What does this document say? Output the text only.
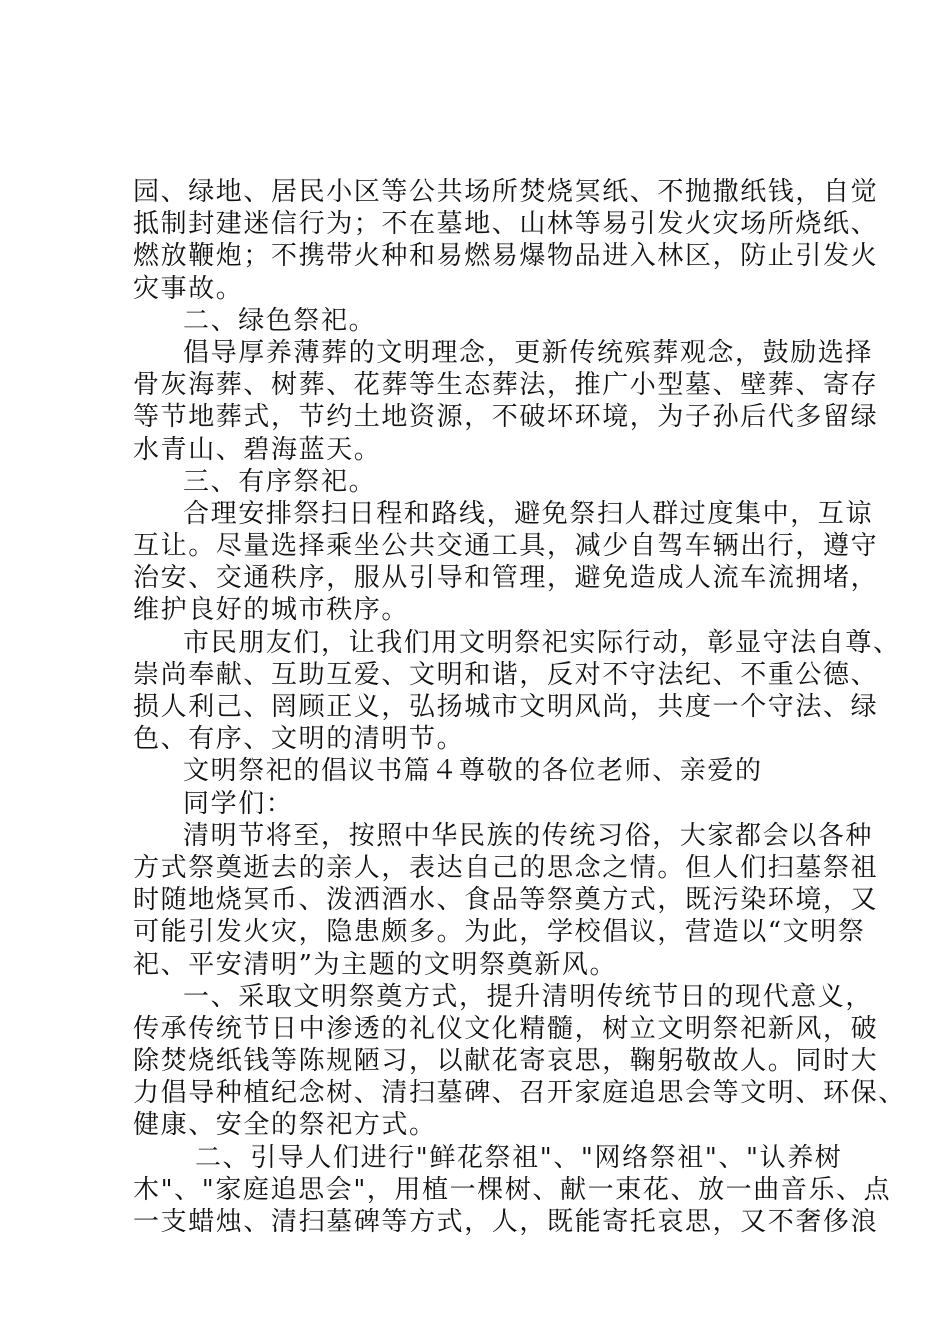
园、绿地、居民小区等公共场所焚烧冥纸、不抛撒纸钱，自觉
抵制封建迷信行为；不在墓地、山林等易引发火灾场所烧纸、
燃放鞭炮；不携带火种和易燃易爆物品进入林区，防止引发火
灾事故。
二、绿色祭祀。
倡导厚养薄葬的文明理念，更新传统殡葬观念，鼓励选择
骨灰海葬、树葬、花葬等生态葬法，推广小型墓、壁葬、寄存
等节地葬式，节约土地资源，不破坏环境，为子孙后代多留绿
水青山、碧海蓝天。
三、有序祭祀。
合理安排祭扫日程和路线，避免祭扫人群过度集中，互谅
互让。尽量选择乘坐公共交通工具，减少自驾车辆出行，遵守
治安、交通秩序，服从引导和管理，避免造成人流车流拥堵，
维护良好的城市秩序。
市民朋友们，让我们用文明祭祀实际行动，彰显守法自尊、
崇尚奉献、互助互爱、文明和谐，反对不守法纪、不重公德、
损人利己、罔顾正义，弘扬城市文明风尚，共度一个守法、绿
色、有序、文明的清明节。
文明祭祀的倡议书篇４尊敬的各位老师、亲爱的
同学们：
清明节将至，按照中华民族的传统习俗，大家都会以各种
方式祭奠逝去的亲人，表达自己的思念之情。但人们扫墓祭祖
时随地烧冥币、泼洒酒水、食品等祭奠方式，既污染环境，又
可能引发火灾，隐患颇多。为此，学校倡议，营造以“文明祭
祀、平安清明”为主题的文明祭奠新风。
一、采取文明祭奠方式，提升清明传统节日的现代意义，
传承传统节日中渗透的礼仪文化精髓，树立文明祭祀新风，破
除焚烧纸钱等陈规陋习，以献花寄哀思，鞠躬敬故人。同时大
力倡导种植纪念树、清扫墓碑、召开家庭追思会等文明、环保、
健康、安全的祭祀方式。
二、引导人们进行"鲜花祭祖"、"网络祭祖"、"认养树
木"、"家庭追思会"，用植一棵树、献一束花、放一曲音乐、点
一支蜡烛、清扫墓碑等方式，人，既能寄托哀思，又不奢侈浪
